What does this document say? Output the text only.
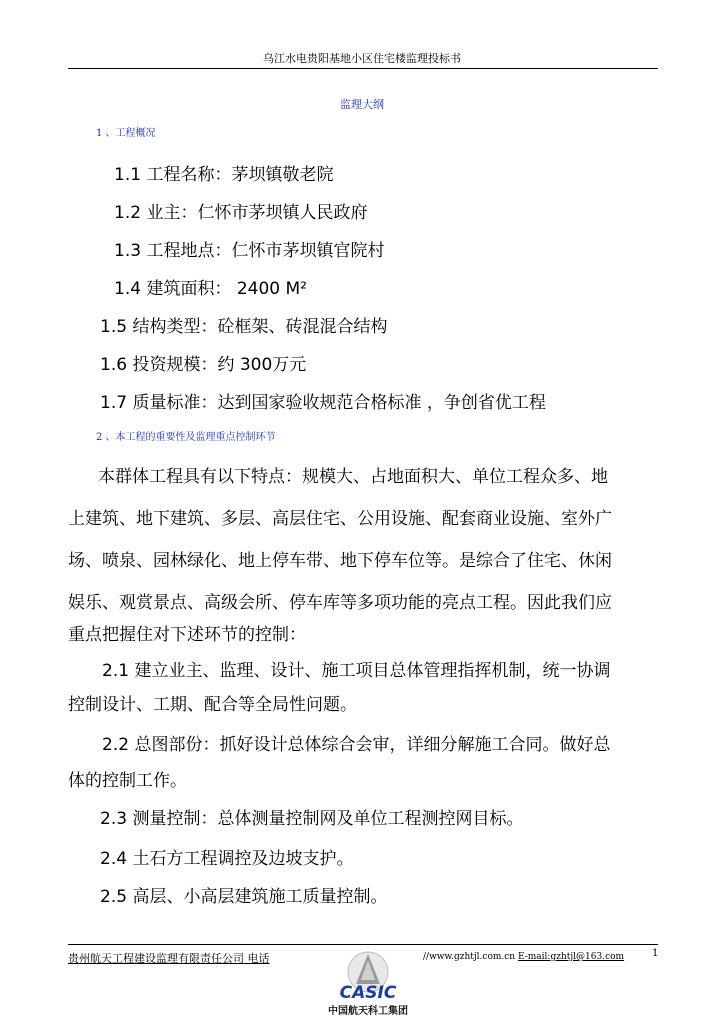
乌江水电贵阳基地小区住宅楼监理投标书
监理大纲
1 、工程概况
1.1 工程名称：茅坝镇敬老院
1.2 业主：仁怀市茅坝镇人民政府
1.3 工程地点：仁怀市茅坝镇官院村
1.4 建筑面积： 2400 M²
1.5 结构类型：砼框架、砖混混合结构
1.6 投资规模：约 300万元
1.7 质量标准：达到国家验收规范合格标准 ，争创省优工程
2 、本工程的重要性及监理重点控制环节
本群体工程具有以下特点：规模大、占地面积大、单位工程众多、地
上建筑、地下建筑、多层、高层住宅、公用设施、配套商业设施、室外广
场、喷泉、园林绿化、地上停车带、地下停车位等。是综合了住宅、休闲
娱乐、观赏景点、高级会所、停车库等多项功能的亮点工程。因此我们应
重点把握住对下述环节的控制：
2.1 建立业主、监理、设计、施工项目总体管理指挥机制，统一协调
控制设计、工期、配合等全局性问题。
2.2 总图部份：抓好设计总体综合会审，详细分解施工合同。做好总
体的控制工作。
2.3 测量控制：总体测量控制网及单位工程测控网目标。
2.4 土石方工程调控及边坡支护。
2.5 高层、小高层建筑施工质量控制。
贵州航天工程建设监理有限责任公司 电话	//www.gzhtjl.com.cn E-mail:gzhtjl@163.com	1
CASIC
中国航天科工集团
